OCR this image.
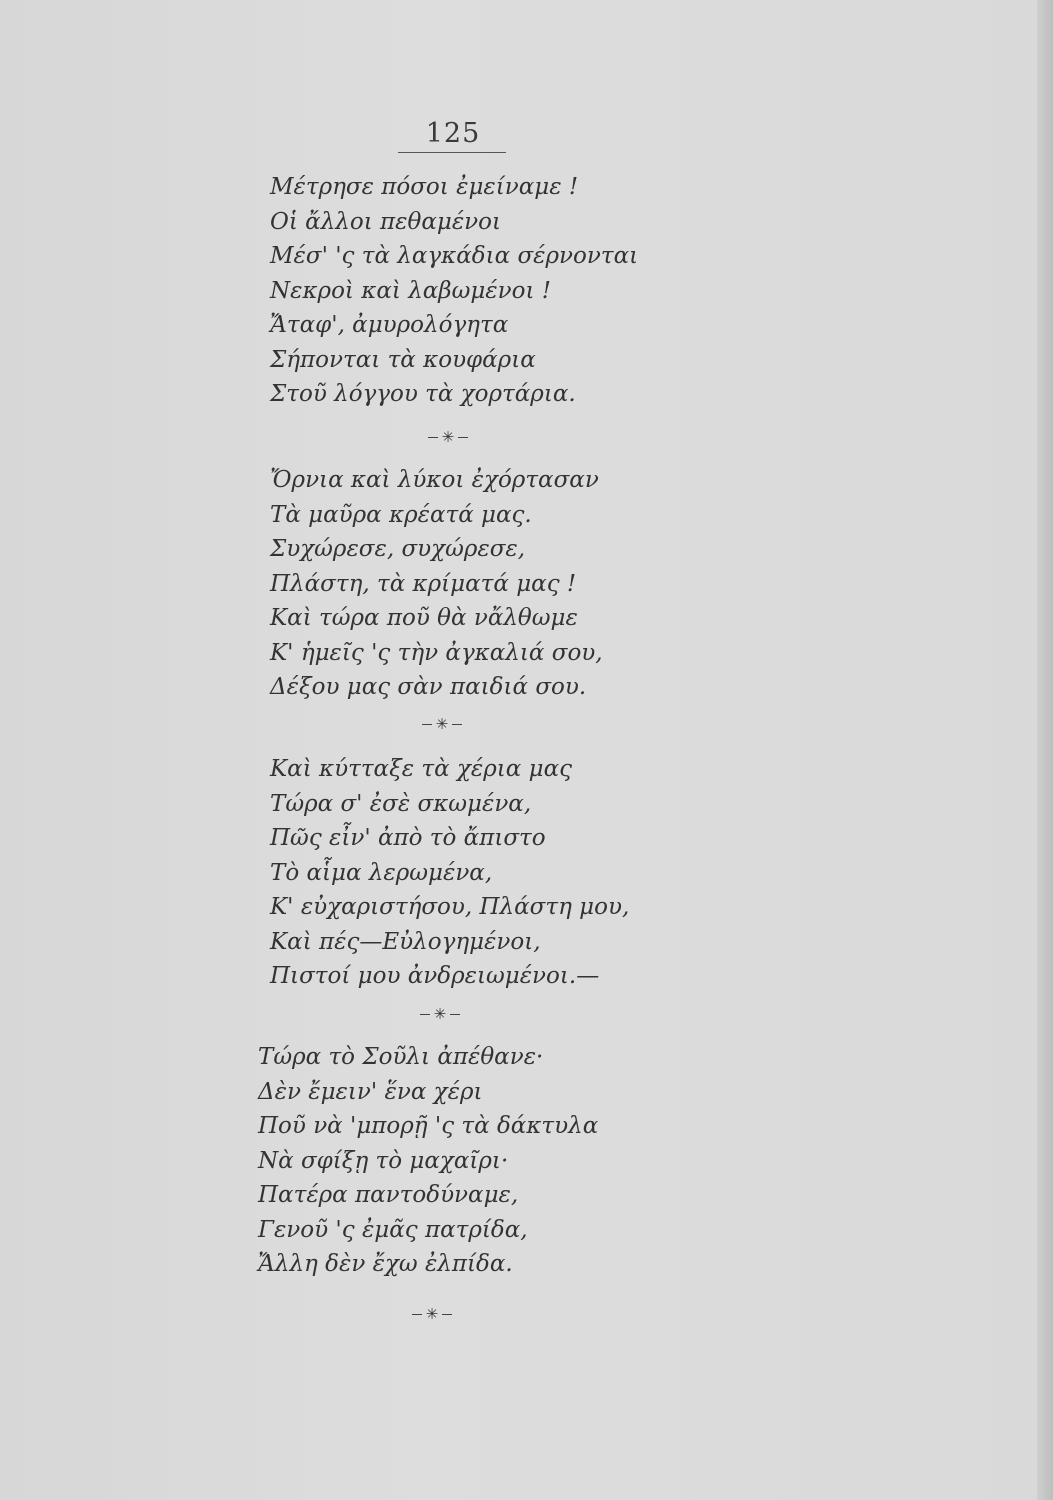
125
Μέτρησε πόσοι ἐμείναμε !
Οἱ ἄλλοι πεθαμένοι
Μέσ' 'ς τὰ λαγκάδια σέρνονται
Νεκροὶ καὶ λαβωμένοι !
Ἄταφ', ἀμυρολόγητα
Σήπονται τὰ κουφάρια
Στοῦ λόγγου τὰ χορτάρια.
✳
Ὄρνια καὶ λύκοι ἐχόρτασαν
Τὰ μαῦρα κρέατά μας.
Συχώρεσε, συχώρεσε,
Πλάστη, τὰ κρίματά μας !
Καὶ τώρα ποῦ θὰ νἄλθωμε
Κ' ἡμεῖς 'ς τὴν ἀγκαλιά σου,
Δέξου μας σὰν παιδιά σου.
✳
Καὶ κύτταξε τὰ χέρια μας
Τώρα σ' ἐσὲ σκωμένα,
Πῶς εἶν' ἀπὸ τὸ ἄπιστο
Τὸ αἷμα λερωμένα,
Κ' εὐχαριστήσου, Πλάστη μου,
Καὶ πές—Εὐλογημένοι,
Πιστοί μου ἀνδρειωμένοι.—
✳
Τώρα τὸ Σοῦλι ἀπέθανε·
Δὲν ἔμειν' ἕνα χέρι
Ποῦ νὰ 'μπορῇ 'ς τὰ δάκτυλα
Νὰ σφίξῃ τὸ μαχαῖρι·
Πατέρα παντοδύναμε,
Γενοῦ 'ς ἐμᾶς πατρίδα,
Ἄλλη δὲν ἔχω ἐλπίδα.
✳
